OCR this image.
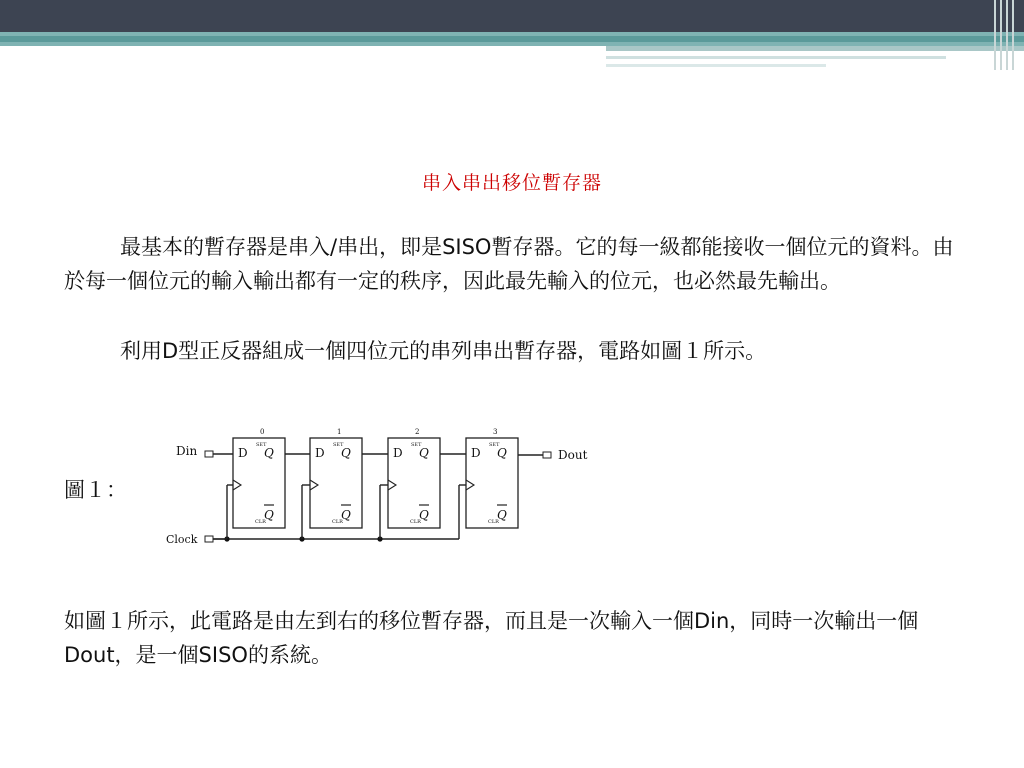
串入串出移位暫存器
最基本的暫存器是串入/串出，即是SISO暫存器。它的每一級都能接收一個位元的資料。由於每一個位元的輸入輸出都有一定的秩序，因此最先輸入的位元，也必然最先輸出。
利用D型正反器組成一個四位元的串列串出暫存器，電路如圖１所示。
圖１：
Din	Dout
Clock
0
D
SET
Q
Q
CLR
1
D
SET
Q
Q
CLR
2
D
SET
Q
Q
CLR
3
D
SET
Q
Q
CLR
如圖１所示，此電路是由左到右的移位暫存器，而且是一次輸入一個Din，同時一次輸出一個Dout，是一個SISO的系統。
